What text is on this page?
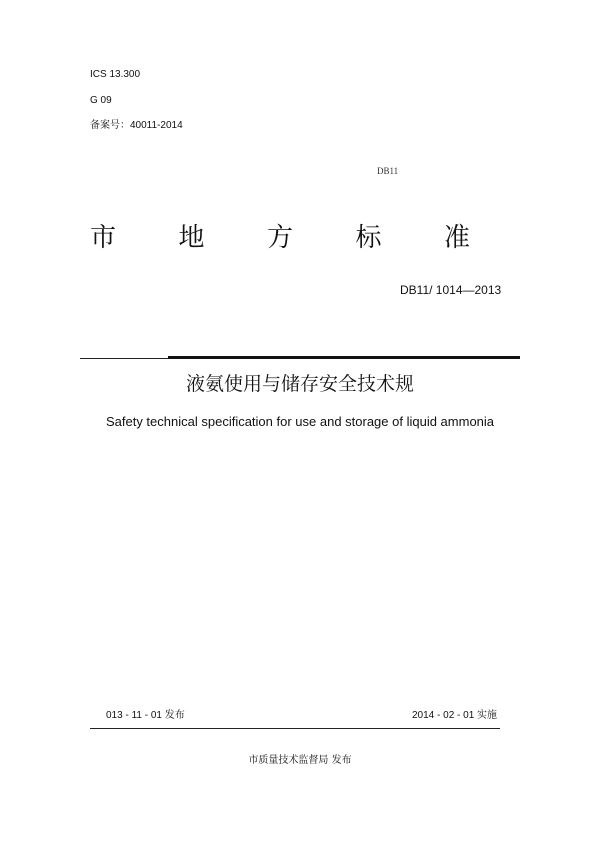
ICS 13.300
G 09
备案号：40011-2014
DB11
市 地 方 标 准
DB11/ 1014—2013
液氨使用与储存安全技术规
Safety technical specification for use and storage of liquid ammonia
013 - 11 - 01 发布	2014 - 02 - 01 实施
市质量技术监督局 发布
